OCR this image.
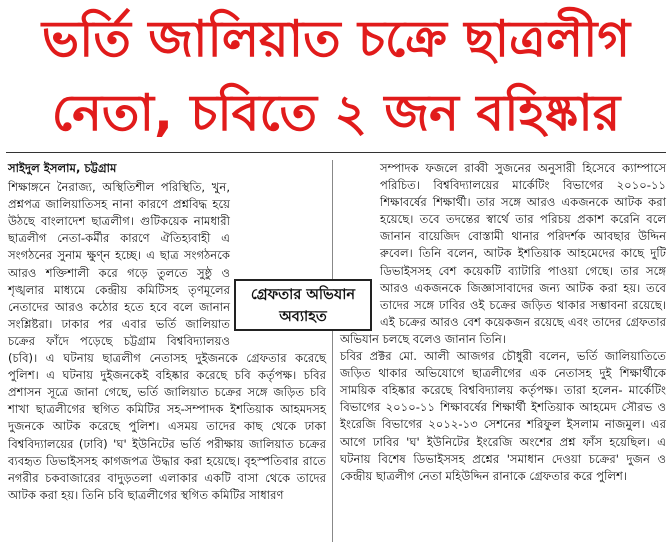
ভর্তি জালিয়াত চক্রে ছাত্রলীগ
নেতা, চবিতে ২ জন বহিষ্কার
সাইদুল ইসলাম, চট্টগ্রাম

শিক্ষাঙ্গনে নৈরাজ্য, অস্থিতিশীল পরিস্থিতি, খুন, প্রশ্নপত্র জালিয়াতিসহ নানা কারণে প্রশ্নবিদ্ধ হয়ে উঠছে বাংলাদেশ ছাত্রলীগ। গুটিকয়েক নামধারী ছাত্রলীগ নেতা-কর্মীর কারণে ঐতিহ্যবাহী এ সংগঠনের সুনাম ক্ষুণ্ন হচ্ছে। এ ছাত্র সংগঠনকে আরও শক্তিশালী করে গড়ে তুলতে সুষ্ঠু ও শৃঙ্খলার মাধ্যমে কেন্দ্রীয় কমিটিসহ তৃণমূলের নেতাদের আরও কঠোর হতে হবে বলে জানান সংশ্লিষ্টরা। ঢাকার পর এবার ভর্তি জালিয়াত চক্রের ফাঁদে পড়েছে চট্টগ্রাম বিশ্ববিদ্যালয়ও (চবি)। এ ঘটনায় ছাত্রলীগ নেতাসহ দুইজনকে গ্রেফতার করেছে পুলিশ। এ ঘটনায় দুইজনকেই বহিষ্কার করেছে চবি কর্তৃপক্ষ। চবির প্রশাসন সূত্রে জানা গেছে, ভর্তি জালিয়াত চক্রের সঙ্গে জড়িত চবি শাখা ছাত্রলীগের স্থগিত কমিটির সহ-সম্পাদক ইশতিয়াক আহমদসহ দুজনকে আটক করেছে পুলিশ। এসময় তাদের কাছ থেকে ঢাকা বিশ্ববিদ্যালয়ের (ঢাবি) 'ঘ' ইউনিটের ভর্তি পরীক্ষায় জালিয়াত চক্রের ব্যবহৃত ডিভাইসসহ কাগজপত্র উদ্ধার করা হয়েছে। বৃহস্পতিবার রাতে নগরীর চকবাজারের বাদুড়তলা এলাকার একটি বাসা থেকে তাদের আটক করা হয়। তিনি চবি ছাত্রলীগের স্থগিত কমিটির সাধারণ

সম্পাদক ফজলে রাব্বী সুজনের অনুসারী হিসেবে ক্যাম্পাসে পরিচিত। বিশ্ববিদ্যালয়ের মার্কেটিং বিভাগের ২০১০-১১ শিক্ষাবর্ষের শিক্ষার্থী। তার সঙ্গে আরও একজনকে আটক করা হয়েছে। তবে তদন্তের স্বার্থে তার পরিচয় প্রকাশ করেনি বলে জানান বায়েজিদ বোস্তামী থানার পরিদর্শক আবছার উদ্দিন রুবেল। তিনি বলেন, আটক ইশতিয়াক আহমেদের কাছে দুটি ডিভাইসসহ বেশ কয়েকটি ব্যাটারি পাওয়া গেছে। তার সঙ্গে আরও একজনকে জিজ্ঞাসাবাদের জন্য আটক করা হয়। তবে তাদের সঙ্গে ঢাবির ওই চক্রের জড়িত থাকার সম্ভাবনা রয়েছে। এই চক্রের আরও বেশ কয়েকজন রয়েছে এবং তাদের গ্রেফতার অভিযান চলছে বলেও জানান তিনি।

চবির প্রক্টর মো. আলী আজগর চৌধুরী বলেন, ভর্তি জালিয়াতিতে জড়িত থাকার অভিযোগে ছাত্রলীগের এক নেতাসহ দুই শিক্ষার্থীকে সাময়িক বহিষ্কার করেছে বিশ্ববিদ্যালয় কর্তৃপক্ষ। তারা হলেন- মার্কেটিং বিভাগের ২০১০-১১ শিক্ষাবর্ষের শিক্ষার্থী ইশতিয়াক আহমেদ সৌরভ ও ইংরেজি বিভাগের ২০১২-১৩ সেশনের শরিফুল ইসলাম নাজমুল। এর আগে ঢাবির 'ঘ' ইউনিটের ইংরেজি অংশের প্রশ্ন ফাঁস হয়েছিল। এ ঘটনায় বিশেষ ডিভাইসসহ প্রশ্নের 'সমাধান দেওয়া চক্রের' দুজন ও কেন্দ্রীয় ছাত্রলীগ নেতা মহিউদ্দিন রানাকে গ্রেফতার করে পুলিশ।

গ্রেফতার অভিযান
অব্যাহত
